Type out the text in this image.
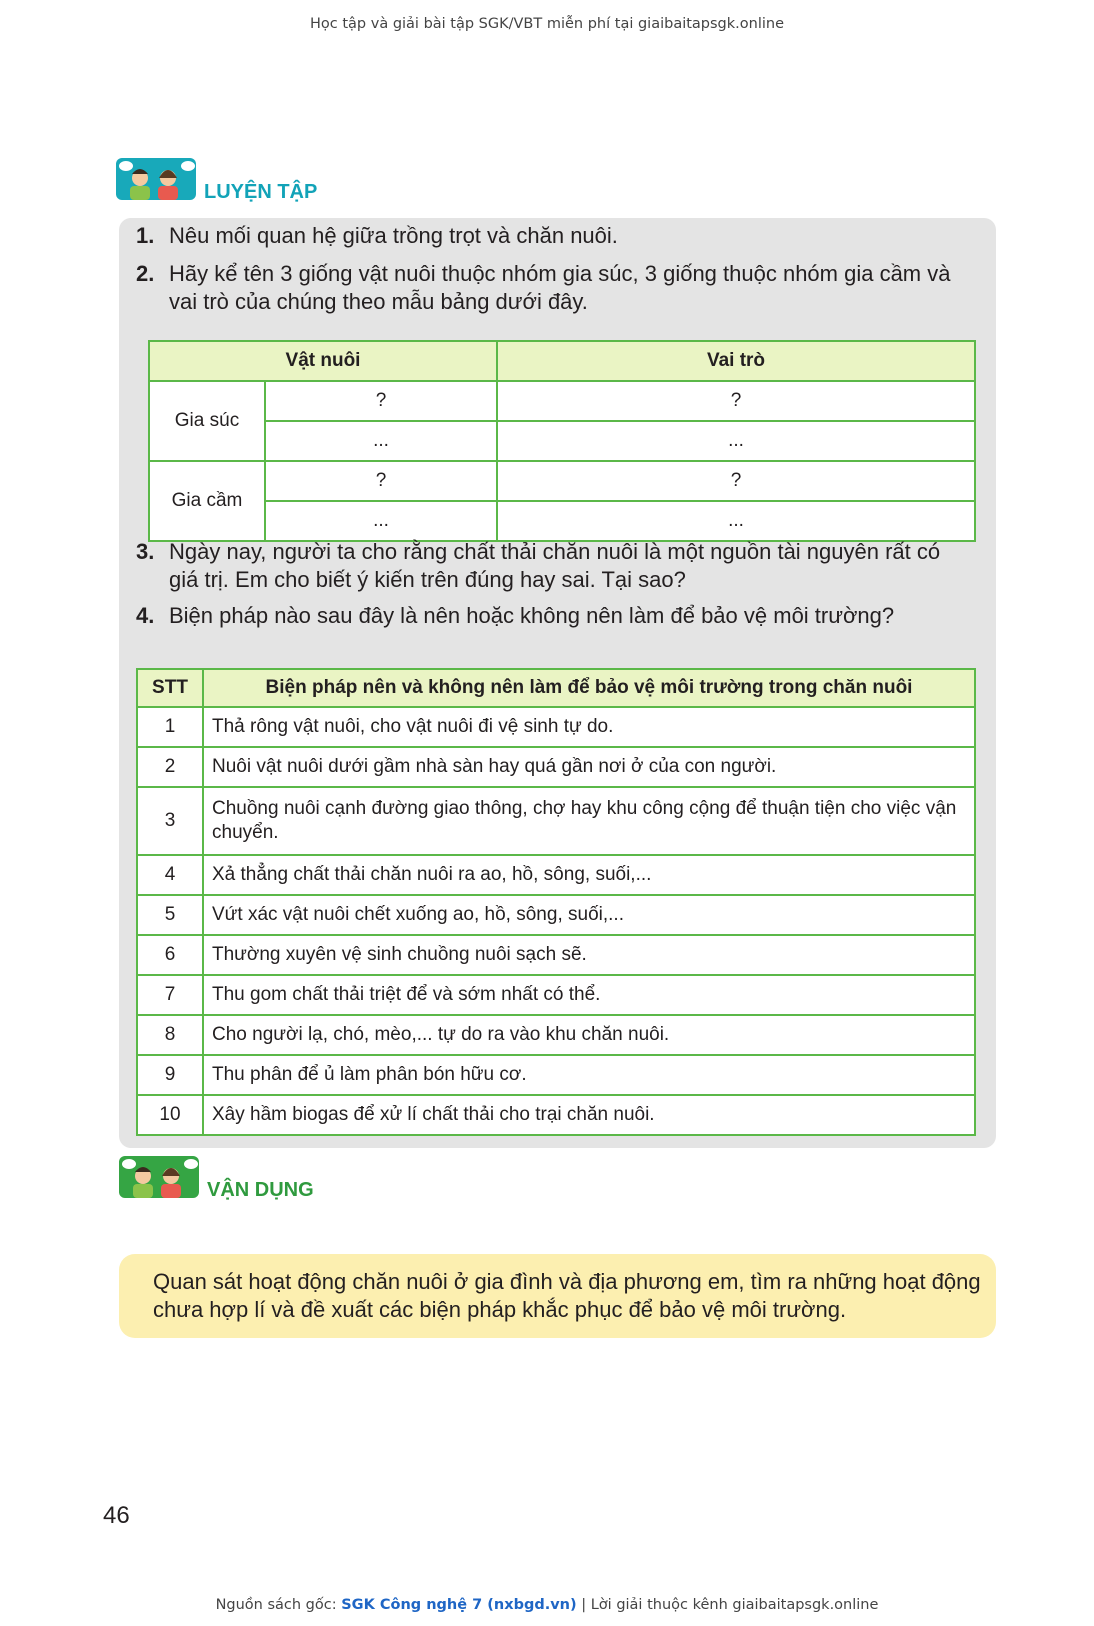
Học tập và giải bài tập SGK/VBT miễn phí tại giaibaitapsgk.online
LUYỆN TẬP
1. Nêu mối quan hệ giữa trồng trọt và chăn nuôi.
2. Hãy kể tên 3 giống vật nuôi thuộc nhóm gia súc, 3 giống thuộc nhóm gia cầm và vai trò của chúng theo mẫu bảng dưới đây.
Vật nuôi		Vai trò
Gia súc	?	?
	...	...
Gia cầm	?	?
	...	...
3. Ngày nay, người ta cho rằng chất thải chăn nuôi là một nguồn tài nguyên rất có giá trị. Em cho biết ý kiến trên đúng hay sai. Tại sao?
4. Biện pháp nào sau đây là nên hoặc không nên làm để bảo vệ môi trường?
STT	Biện pháp nên và không nên làm để bảo vệ môi trường trong chăn nuôi
1	Thả rông vật nuôi, cho vật nuôi đi vệ sinh tự do.
2	Nuôi vật nuôi dưới gầm nhà sàn hay quá gần nơi ở của con người.
3	Chuồng nuôi cạnh đường giao thông, chợ hay khu công cộng để thuận tiện cho việc vận chuyển.
4	Xả thẳng chất thải chăn nuôi ra ao, hồ, sông, suối,...
5	Vứt xác vật nuôi chết xuống ao, hồ, sông, suối,...
6	Thường xuyên vệ sinh chuồng nuôi sạch sẽ.
7	Thu gom chất thải triệt để và sớm nhất có thể.
8	Cho người lạ, chó, mèo,... tự do ra vào khu chăn nuôi.
9	Thu phân để ủ làm phân bón hữu cơ.
10	Xây hầm biogas để xử lí chất thải cho trại chăn nuôi.
VẬN DỤNG
Quan sát hoạt động chăn nuôi ở gia đình và địa phương em, tìm ra những hoạt động chưa hợp lí và đề xuất các biện pháp khắc phục để bảo vệ môi trường.
46
Nguồn sách gốc: SGK Công nghệ 7 (nxbgd.vn) | Lời giải thuộc kênh giaibaitapsgk.online
